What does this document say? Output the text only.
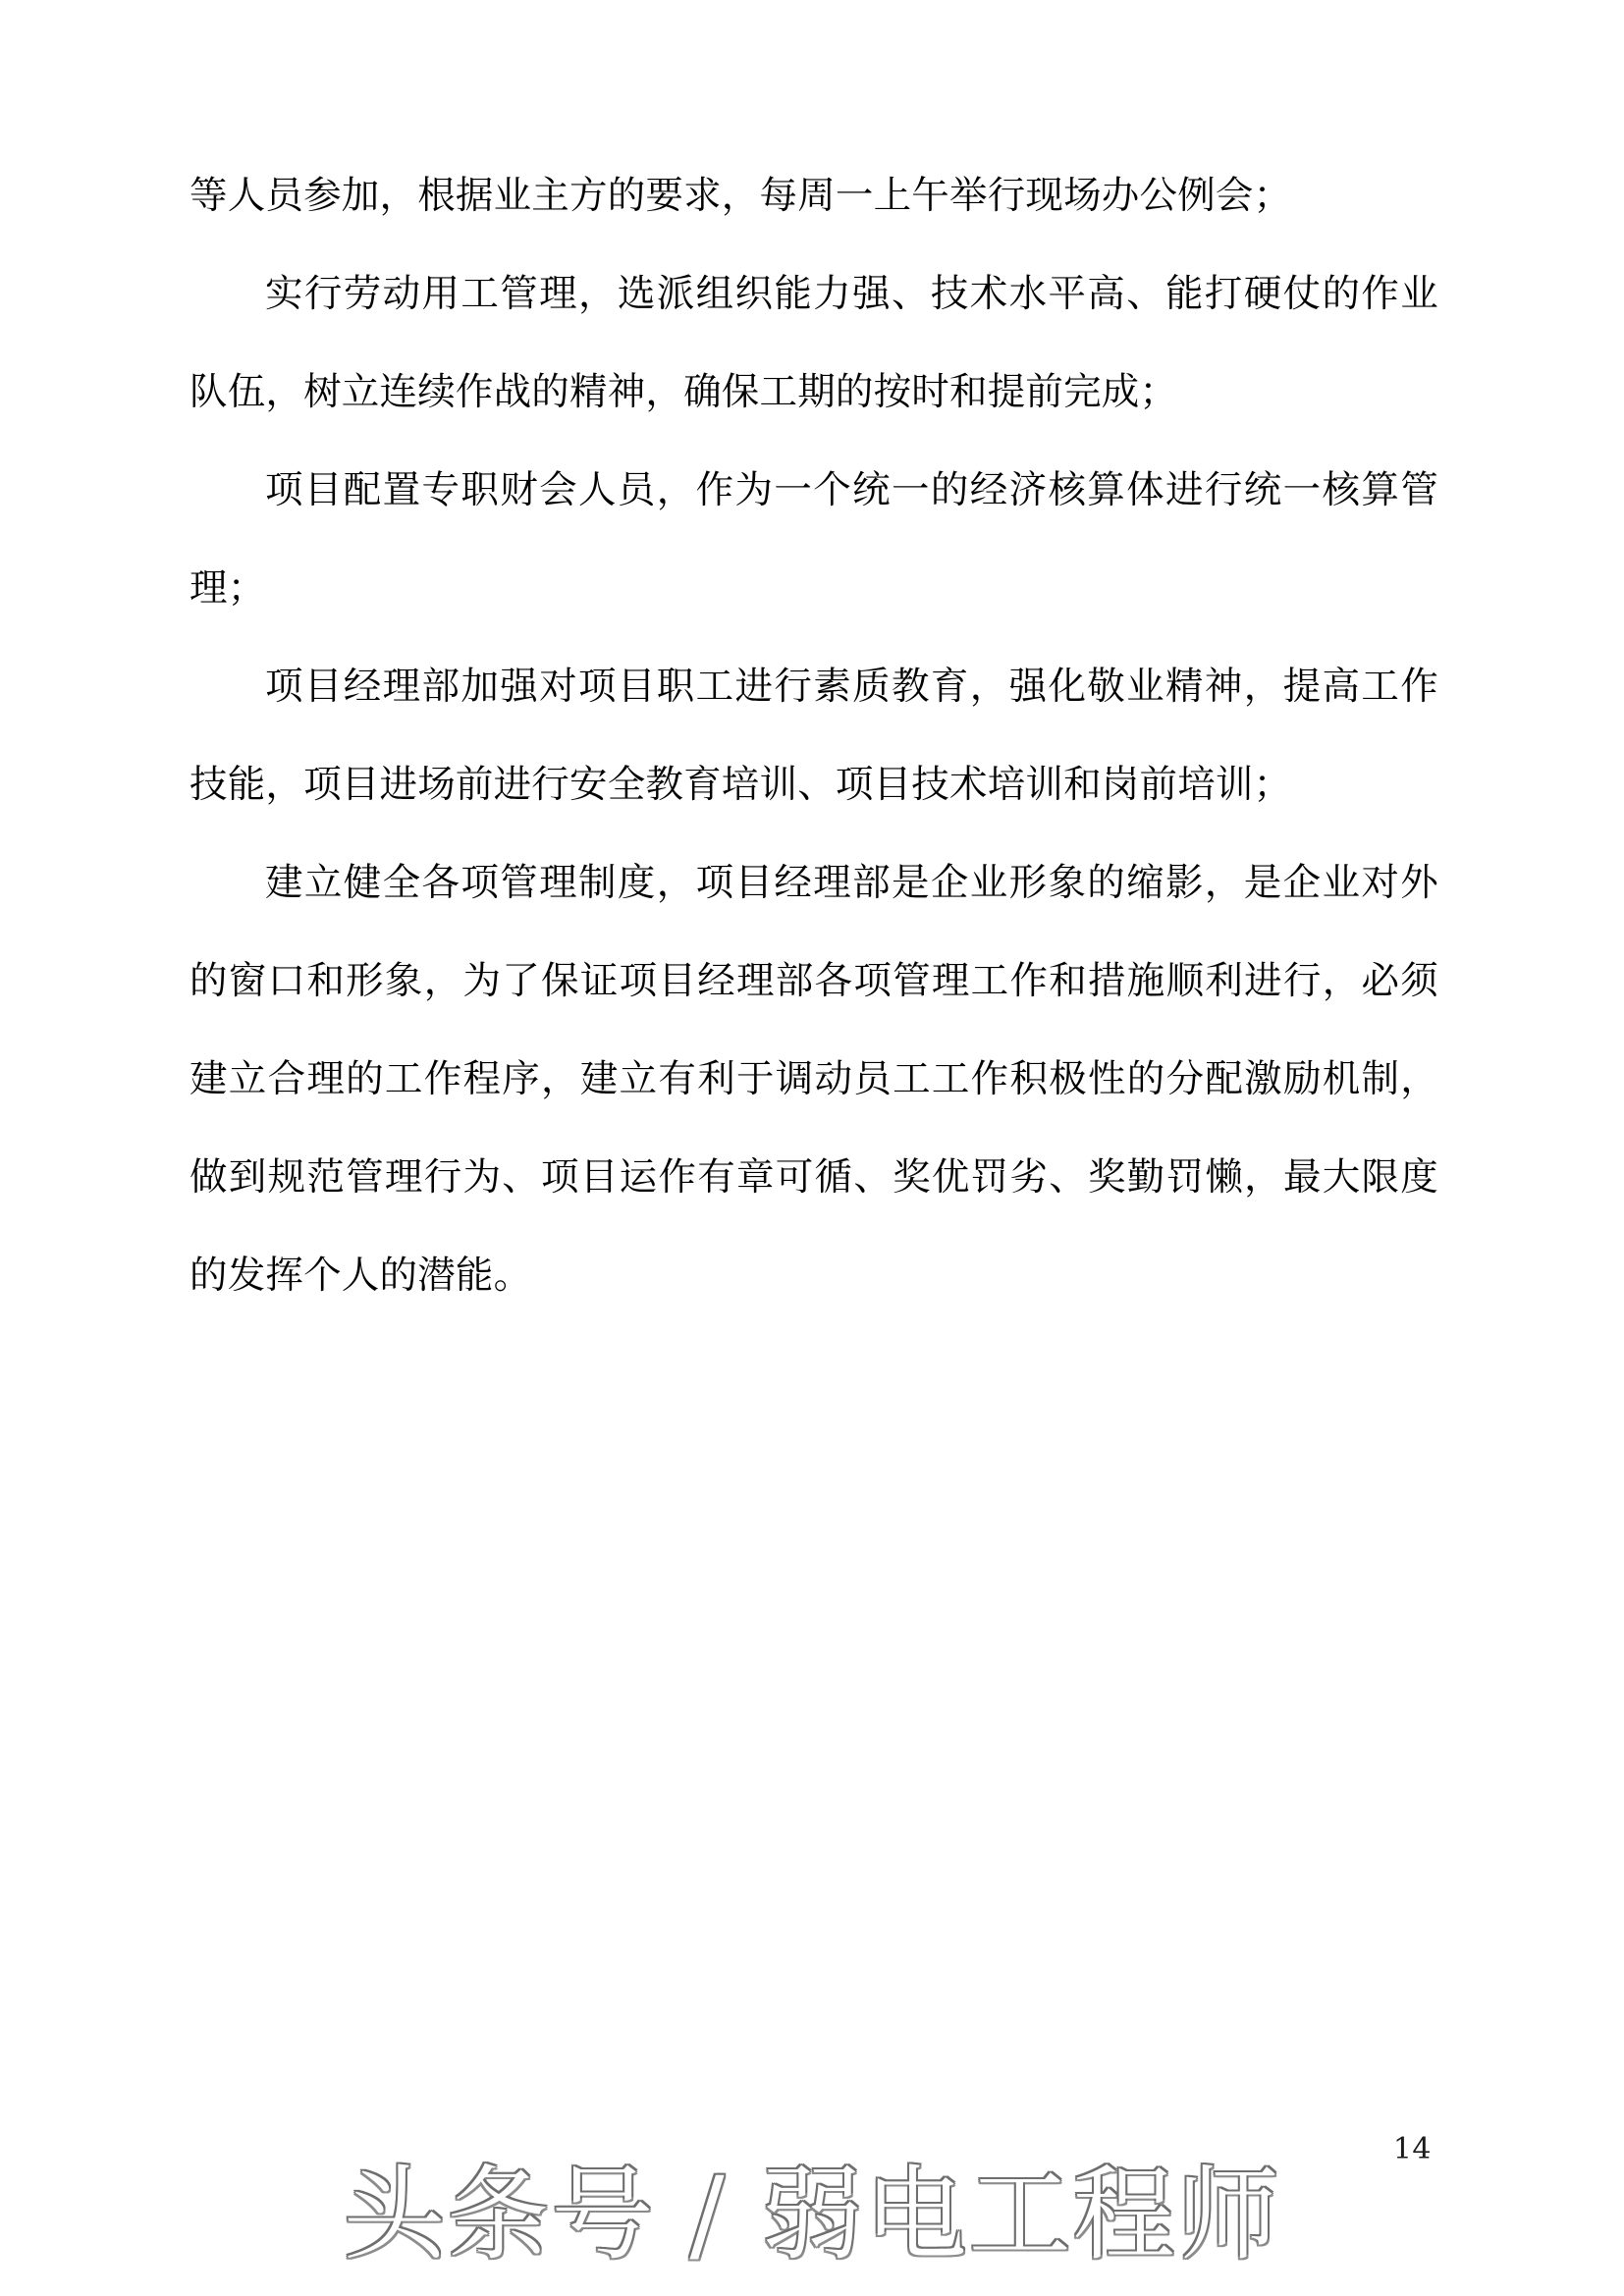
等人员参加，根据业主方的要求，每周一上午举行现场办公例会；

实行劳动用工管理，选派组织能力强、技术水平高、能打硬仗的作业队伍，树立连续作战的精神，确保工期的按时和提前完成；

项目配置专职财会人员，作为一个统一的经济核算体进行统一核算管理；

项目经理部加强对项目职工进行素质教育，强化敬业精神，提高工作技能，项目进场前进行安全教育培训、项目技术培训和岗前培训；

建立健全各项管理制度，项目经理部是企业形象的缩影，是企业对外的窗口和形象，为了保证项目经理部各项管理工作和措施顺利进行，必须建立合理的工作程序，建立有利于调动员工工作积极性的分配激励机制，做到规范管理行为、项目运作有章可循、奖优罚劣、奖勤罚懒，最大限度的发挥个人的潜能。

14
头条号 / 弱电工程师
